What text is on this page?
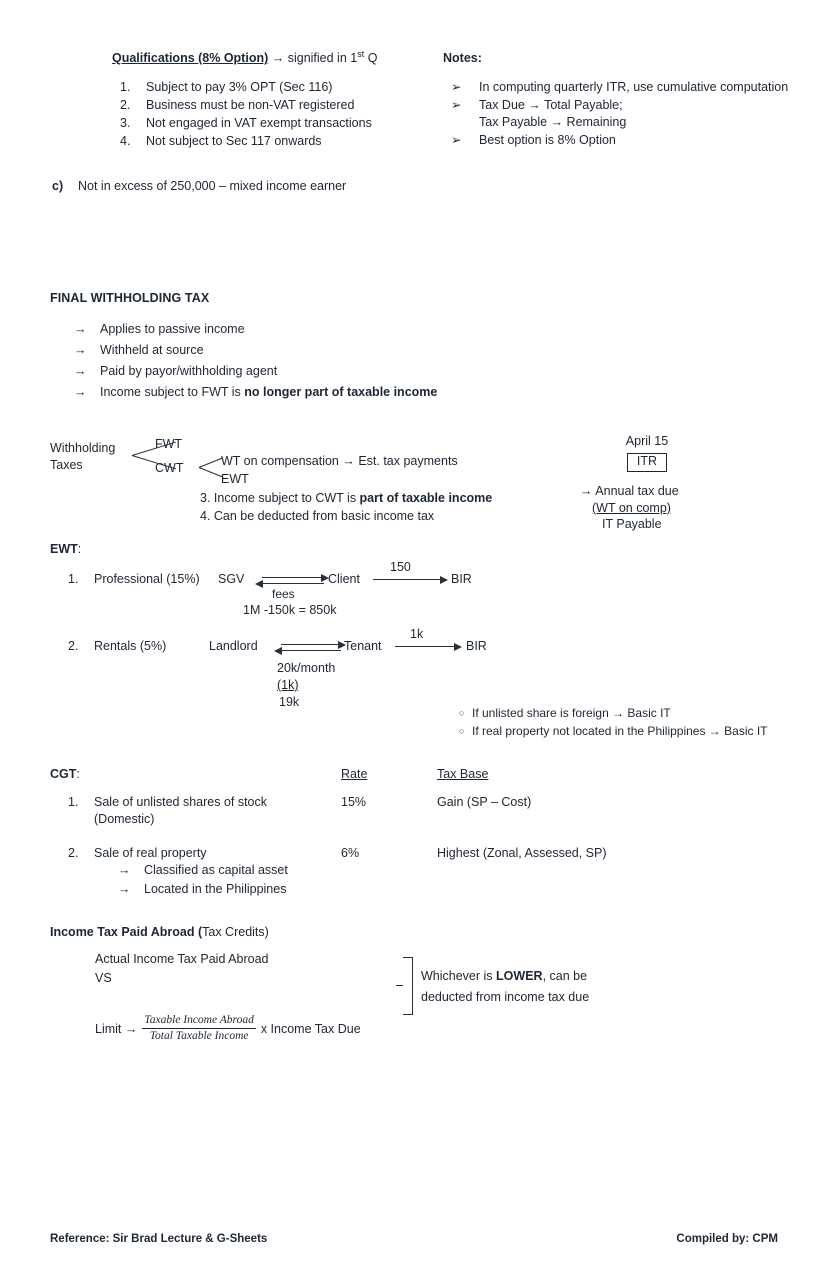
Qualifications (8% Option) → signified in 1st Q
1.	Subject to pay 3% OPT (Sec 116)
2.	Business must be non-VAT registered
3.	Not engaged in VAT exempt transactions
4.	Not subject to Sec 117 onwards
Notes:
➢	In computing quarterly ITR, use cumulative computation
➢	Tax Due → Total Payable;
Tax Payable → Remaining
➢	Best option is 8% Option
c)	Not in excess of 250,000 – mixed income earner
FINAL WITHHOLDING TAX
→	Applies to passive income
→	Withheld at source
→	Paid by payor/withholding agent
→	Income subject to FWT is no longer part of taxable income
Withholding
Taxes
FWT
CWT	WT on compensation → Est. tax payments
EWT
3. Income subject to CWT is part of taxable income
4. Can be deducted from basic income tax
April 15
ITR
→ Annual tax due
(WT on comp)
IT Payable
EWT:
1.	Professional (15%) SGV
fees
Client
150
BIR
1M -150k = 850k
2.	Rentals (5%)	Landlord	Tenant
1k
BIR
20k/month
(1k)
19k
○ If unlisted share is foreign → Basic IT
○ If real property not located in the Philippines → Basic IT
CGT:	Rate	Tax Base
1.	Sale of unlisted shares of stock
(Domestic)
15%	Gain (SP – Cost)
2.	Sale of real property	6%	Highest (Zonal, Assessed, SP)
→	Classified as capital asset
→	Located in the Philippines
Income Tax Paid Abroad (Tax Credits)
Actual Income Tax Paid Abroad
VS
Limit → $\frac{\text{Taxable Income Abroad}}{\text{Total Taxable Income}}$ x Income Tax Due
Whichever is LOWER, can be
deducted from income tax due
Reference: Sir Brad Lecture & G-Sheets	Compiled by: CPM
